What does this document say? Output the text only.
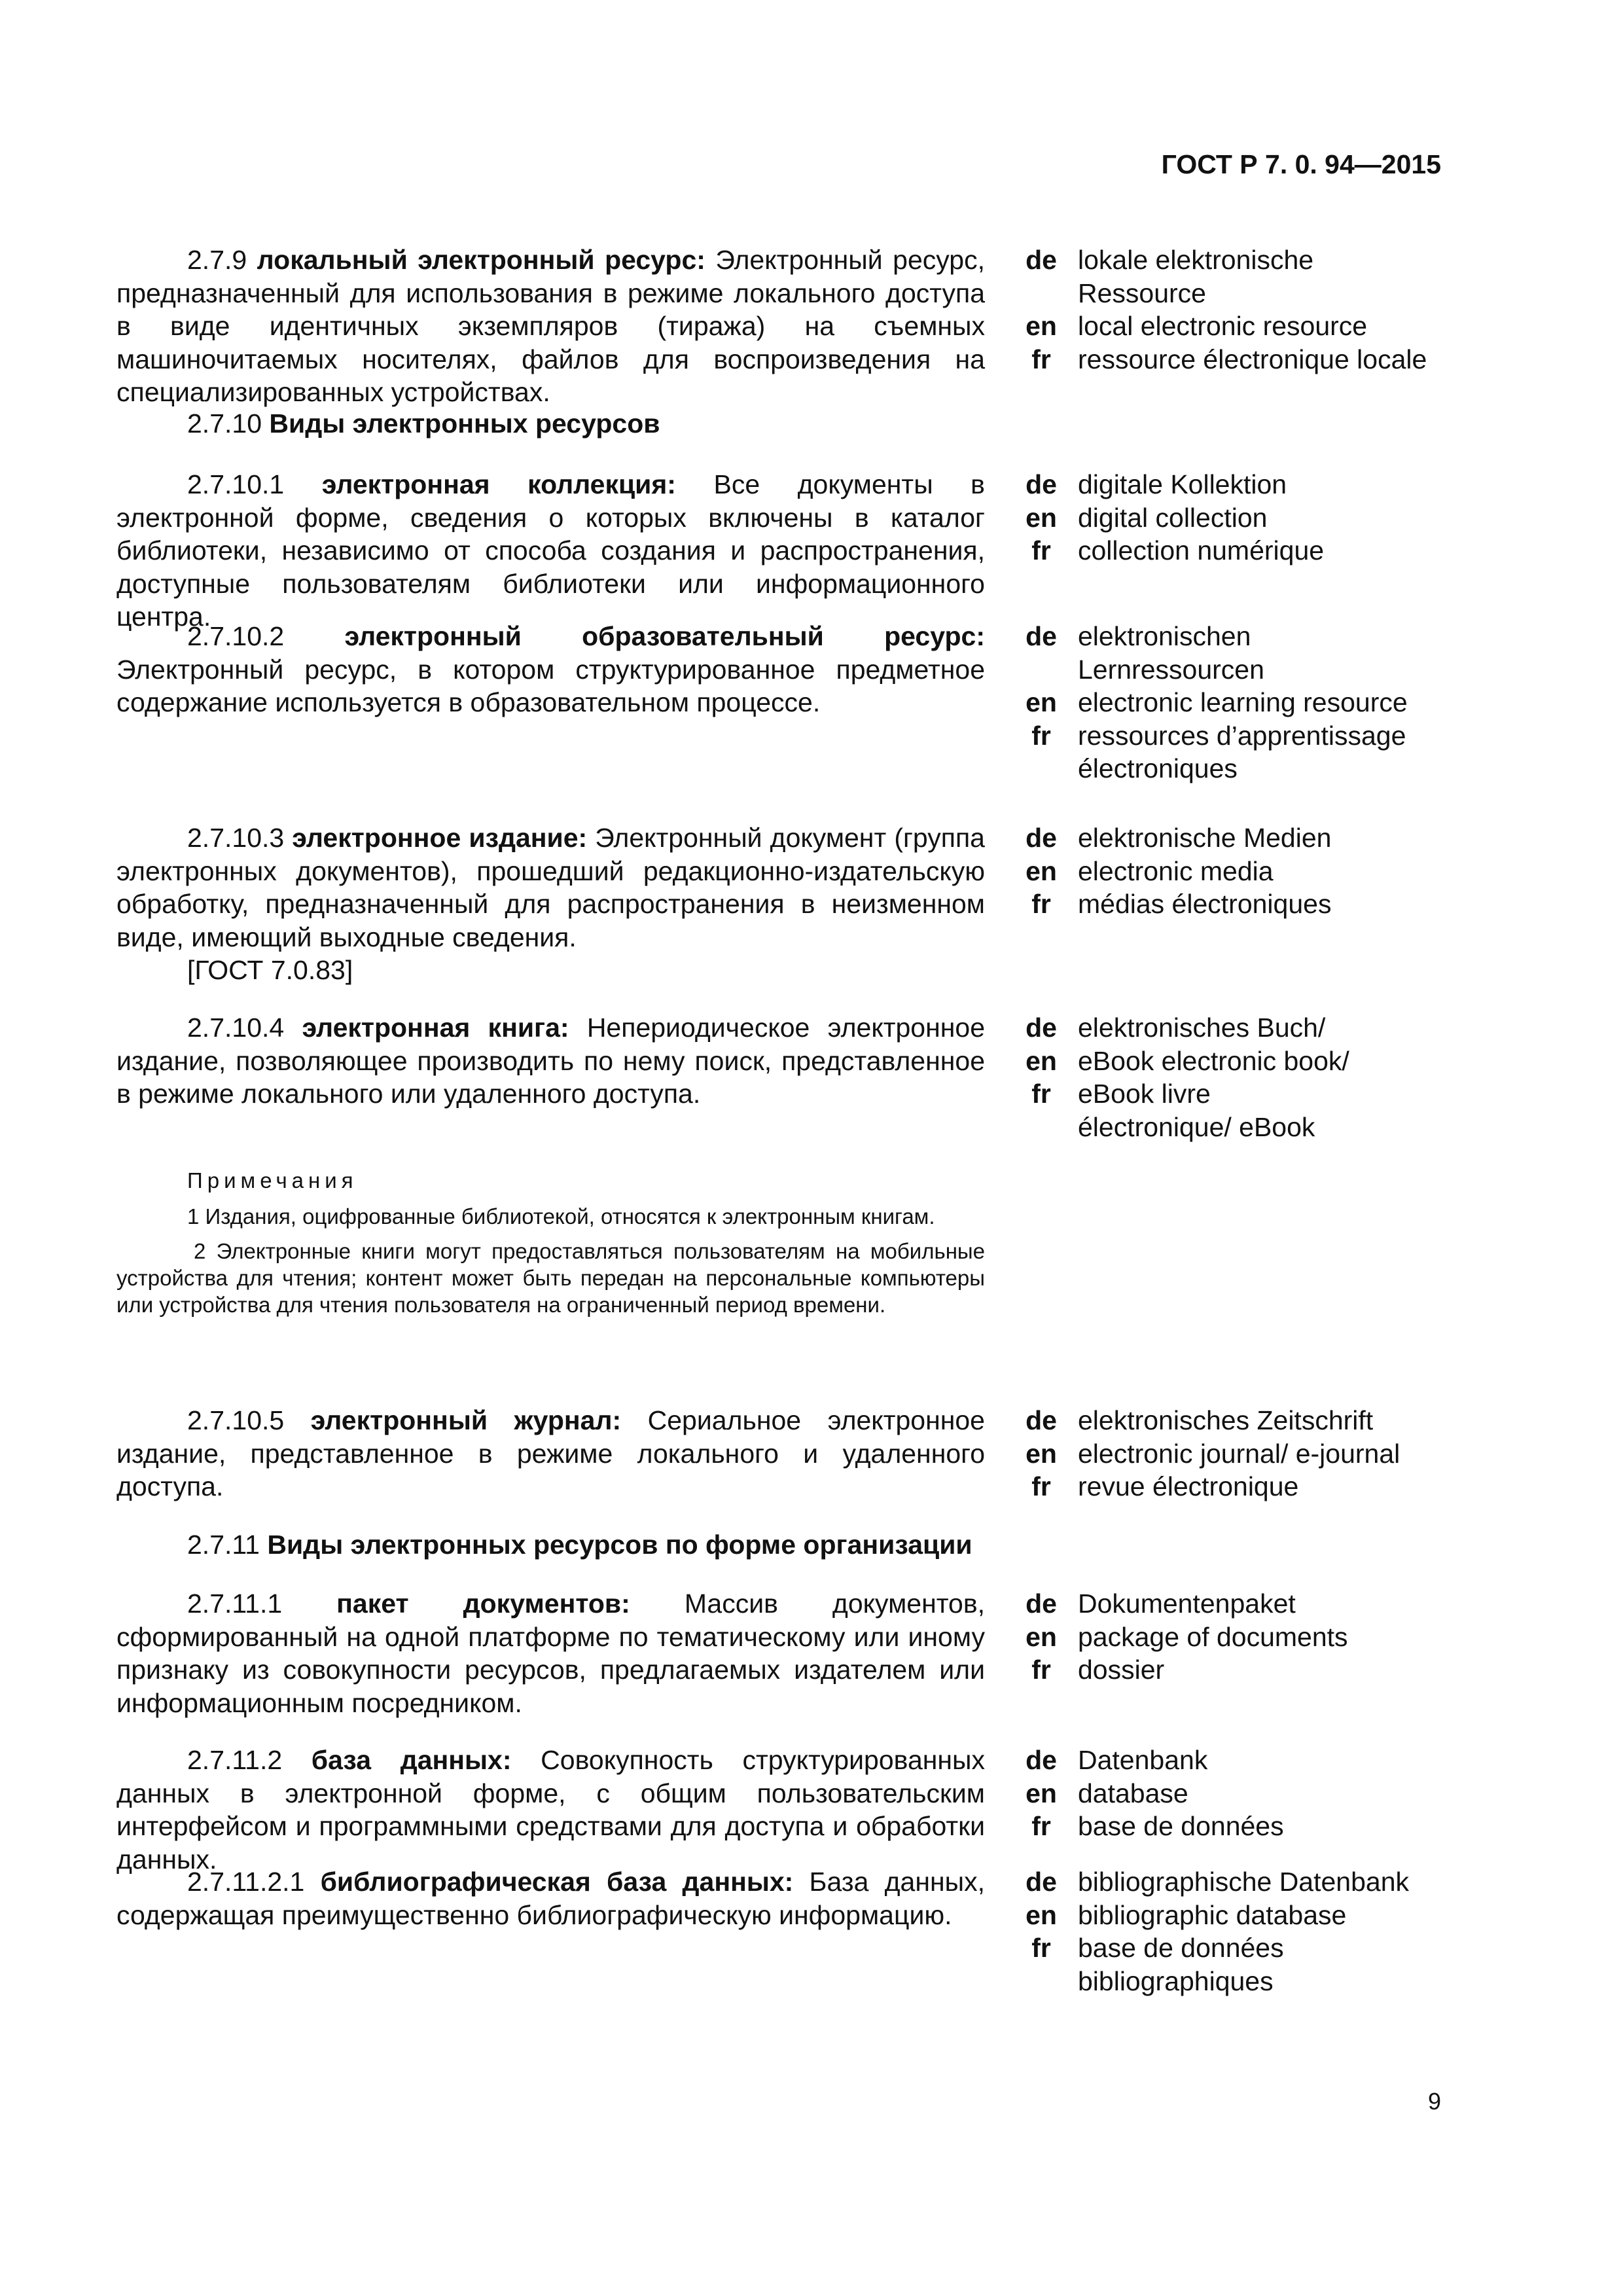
ГОСТ Р 7. 0. 94—2015
2.7.9 локальный электронный ресурс: Электронный ресурс, предназначенный для использования в режиме локального доступа в виде идентичных экземпляров (тиража) на съемных машиночитаемых носителях, файлов для воспроизведения на специализированных устройствах.
de lokale elektronische Ressource
en local electronic resource
fr	ressource électronique locale
2.7.10 Виды электронных ресурсов
2.7.10.1 электронная коллекция: Все документы в электронной форме, сведения о которых включены в каталог библиотеки, независимо от способа создания и распространения, доступные пользователям библиотеки или информационного центра.
de digitale Kollektion
en digital collection
fr	collection numérique
2.7.10.2 электронный образовательный ресурс: Электронный ресурс, в котором структурированное предметное содержание используется в образовательном процессе.
de elektronischen Lernressourcen
en electronic learning resource
fr	ressources d’apprentissage électroniques
2.7.10.3 электронное издание: Электронный документ (группа электронных документов), прошедший редакционно-издательскую обработку, предназначенный для распространения в неизменном виде, имеющий выходные сведения.
[ГОСТ 7.0.83]
de elektronische Medien
en electronic media
fr	médias électroniques
2.7.10.4 электронная книга: Непериодическое электронное издание, позволяющее производить по нему поиск, представленное в режиме локального или удаленного доступа.
de elektronisches Buch/
en eBook electronic book/
fr	eBook livre électronique/ eBook
Примечания
1 Издания, оцифрованные библиотекой, относятся к электронным книгам.
2 Электронные книги могут предоставляться пользователям на мобильные устройства для чтения; контент может быть передан на персональные компьютеры или устройства для чтения пользователя на ограниченный период времени.
2.7.10.5 электронный журнал: Сериальное электронное издание, представленное в режиме локального и удаленного доступа.
de elektronisches Zeitschrift
en electronic journal/ e-journal
fr	revue électronique
2.7.11 Виды электронных ресурсов по форме организации
2.7.11.1 пакет документов: Массив документов, сформированный на одной платформе по тематическому или иному признаку из совокупности ресурсов, предлагаемых издателем или информационным посредником.
de Dokumentenpaket
en package of documents
fr	dossier
2.7.11.2 база данных: Совокупность структурированных данных в электронной форме, с общим пользовательским интерфейсом и программными средствами для доступа и обработки данных.
de Datenbank
en database
fr	base de données
2.7.11.2.1 библиографическая база данных: База данных, содержащая преимущественно библиографическую информацию.
de bibliographische Datenbank
en bibliographic database
fr	base de données bibliographiques
9
